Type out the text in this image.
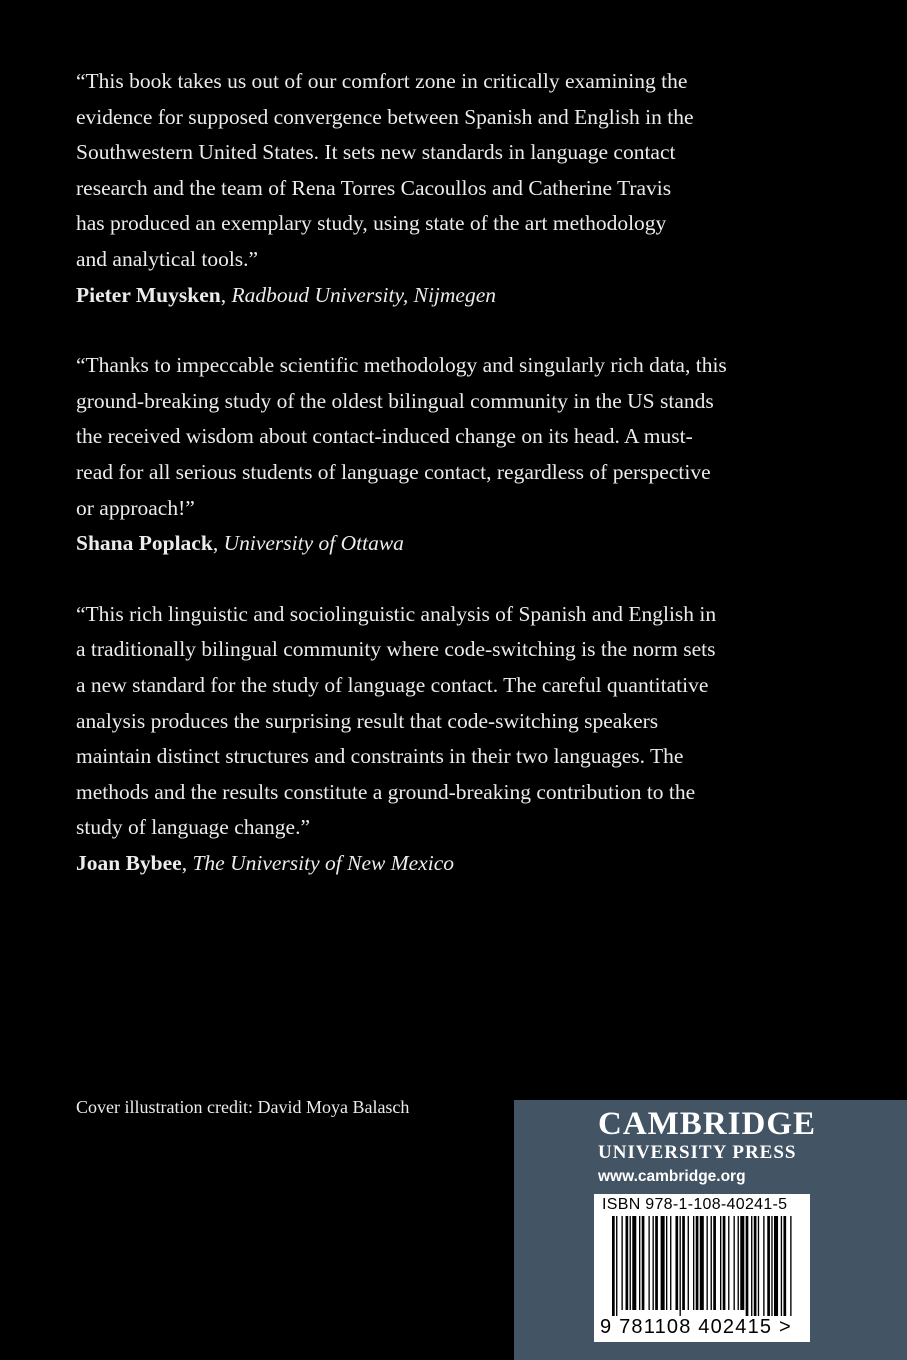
“This book takes us out of our comfort zone in critically examining the
evidence for supposed convergence between Spanish and English in the
Southwestern United States. It sets new standards in language contact
research and the team of Rena Torres Cacoullos and Catherine Travis
has produced an exemplary study, using state of the art methodology
and analytical tools.”

Pieter Muysken, Radboud University, Nijmegen

“Thanks to impeccable scientific methodology and singularly rich data, this
ground-breaking study of the oldest bilingual community in the US stands
the received wisdom about contact-induced change on its head. A must-
read for all serious students of language contact, regardless of perspective
or approach!”

Shana Poplack, University of Ottawa

“This rich linguistic and sociolinguistic analysis of Spanish and English in
a traditionally bilingual community where code-switching is the norm sets
a new standard for the study of language contact. The careful quantitative
analysis produces the surprising result that code-switching speakers
maintain distinct structures and constraints in their two languages. The
methods and the results constitute a ground-breaking contribution to the
study of language change.”

Joan Bybee, The University of New Mexico

Cover illustration credit: David Moya Balasch	CAMBRIDGE
UNIVERSITY PRESS
www.cambridge.org
ISBN 978-1-108-40241-5
9 781108 402415 >
